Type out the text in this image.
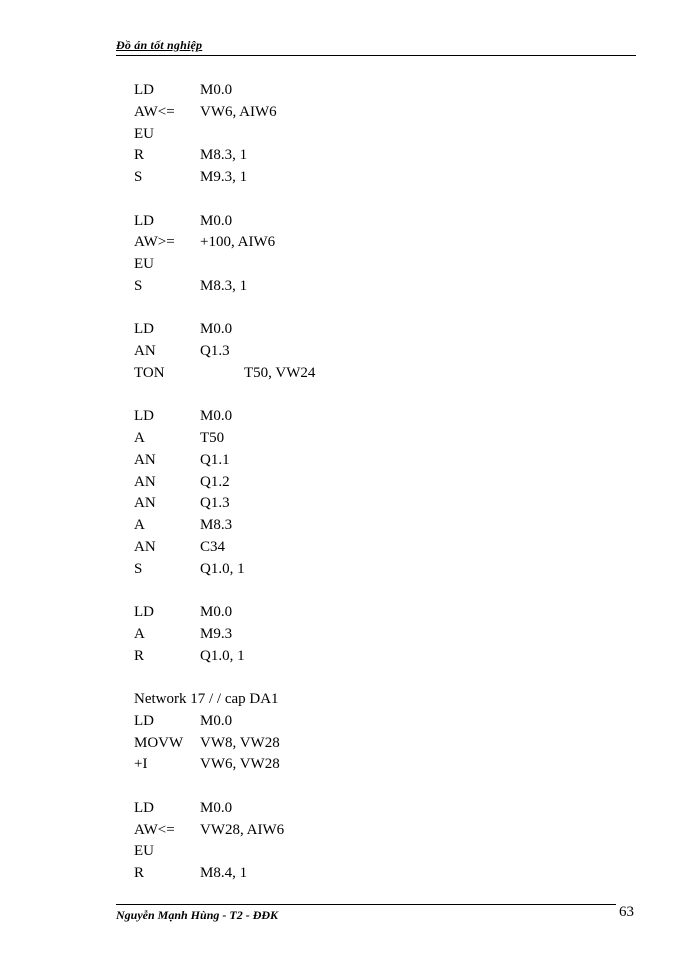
Đồ án tốt nghiệp
LD	M0.0
AW<= VW6, AIW6
EU
R	M8.3, 1
S	M9.3, 1
LD	M0.0
AW>= +100, AIW6
EU
S	M8.3, 1
LD	M0.0
AN	Q1.3
TON	T50, VW24
LD	M0.0
A	T50
AN	Q1.1
AN	Q1.2
AN	Q1.3
A	M8.3
AN	C34
S	Q1.0, 1
LD	M0.0
A	M9.3
R	Q1.0, 1
Network 17 / / cap DA1
LD	M0.0
MOVW VW8, VW28
+I	VW6, VW28
LD	M0.0
AW<= VW28, AIW6
EU
R	M8.4, 1
Nguyễn Mạnh Hùng - T2 - ĐĐK	63
